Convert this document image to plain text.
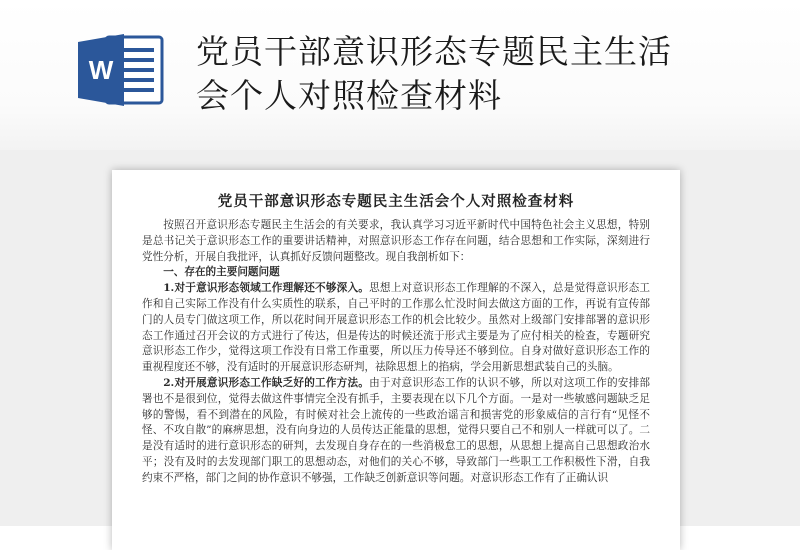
W	党员干部意识形态专题民主生活
会个人对照检查材料
党员干部意识形态专题民主生活会个人对照检查材料

按照召开意识形态专题民主生活会的有关要求，我认真学习习近平新时代中国特色社会主义思想，特别是总书记关于意识形态工作的重要讲话精神，对照意识形态工作存在问题，结合思想和工作实际，深刻进行党性分析，开展自我批评，认真抓好反馈问题整改。现自我剖析如下：

一、存在的主要问题问题

1.对于意识形态领域工作理解还不够深入。思想上对意识形态工作理解的不深入，总是觉得意识形态工作和自己实际工作没有什么实质性的联系，自己平时的工作那么忙没时间去做这方面的工作，再说有宣传部门的人员专门做这项工作，所以花时间开展意识形态工作的机会比较少。虽然对上级部门安排部署的意识形态工作通过召开会议的方式进行了传达，但是传达的时候还流于形式主要是为了应付相关的检查，专题研究意识形态工作少，觉得这项工作没有日常工作重要，所以压力传导还不够到位。自身对做好意识形态工作的重视程度还不够，没有适时的开展意识形态研判，祛除思想上的掐病，学会用新思想武装自己的头脑。

2.对开展意识形态工作缺乏好的工作方法。由于对意识形态工作的认识不够，所以对这项工作的安排部署也不是很到位，觉得去做这件事情完全没有抓手，主要表现在以下几个方面。一是对一些敏感问题缺乏足够的警惕，看不到潜在的风险，有时候对社会上流传的一些政治谣言和损害党的形象威信的言行有“见怪不怪、不攻自散”的麻痹思想，没有向身边的人员传达正能量的思想，觉得只要自己不和别人一样就可以了。二是没有适时的进行意识形态的研判，去发现自身存在的一些消极怠工的思想，从思想上提高自己思想政治水平；没有及时的去发现部门职工的思想动态，对他们的关心不够，导致部门一些职工工作积极性下滑，自我约束不严格，部门之间的协作意识不够强，工作缺乏创新意识等问题。对意识形态工作有了正确认识
